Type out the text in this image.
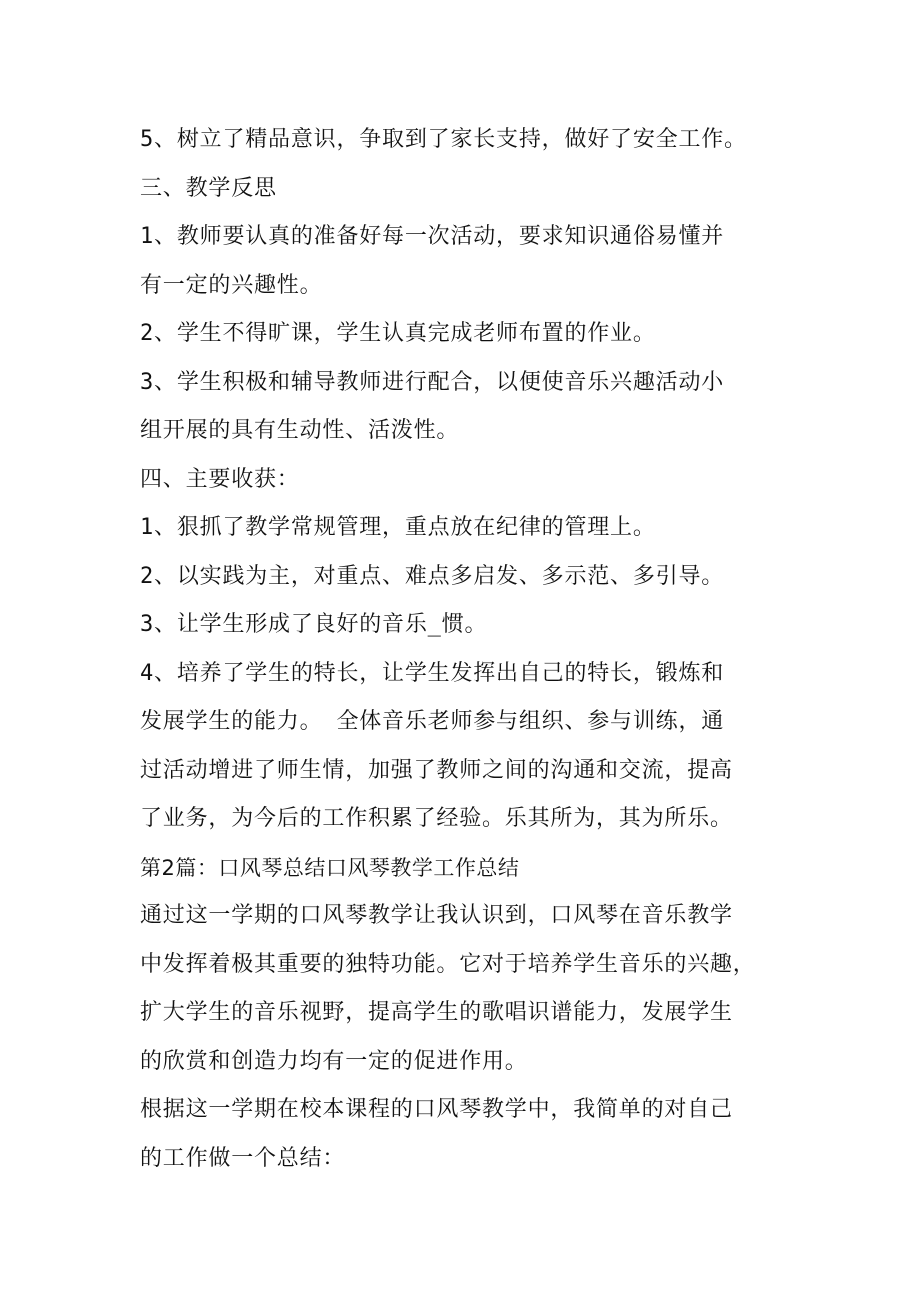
5、树立了精品意识，争取到了家长支持，做好了安全工作。
三、教学反思
1、教师要认真的准备好每一次活动，要求知识通俗易懂并
有一定的兴趣性。
2、学生不得旷课，学生认真完成老师布置的作业。
3、学生积极和辅导教师进行配合，以便使音乐兴趣活动小
组开展的具有生动性、活泼性。
四、主要收获：
1、狠抓了教学常规管理，重点放在纪律的管理上。
2、以实践为主，对重点、难点多启发、多示范、多引导。
3、让学生形成了良好的音乐_惯。
4、培养了学生的特长，让学生发挥出自己的特长，锻炼和
发展学生的能力。 全体音乐老师参与组织、参与训练，通
过活动增进了师生情，加强了教师之间的沟通和交流，提高
了业务，为今后的工作积累了经验。乐其所为，其为所乐。
第2篇：口风琴总结口风琴教学工作总结
通过这一学期的口风琴教学让我认识到，口风琴在音乐教学
中发挥着极其重要的独特功能。它对于培养学生音乐的兴趣，
扩大学生的音乐视野，提高学生的歌唱识谱能力，发展学生
的欣赏和创造力均有一定的促进作用。
根据这一学期在校本课程的口风琴教学中，我简单的对自己
的工作做一个总结：
